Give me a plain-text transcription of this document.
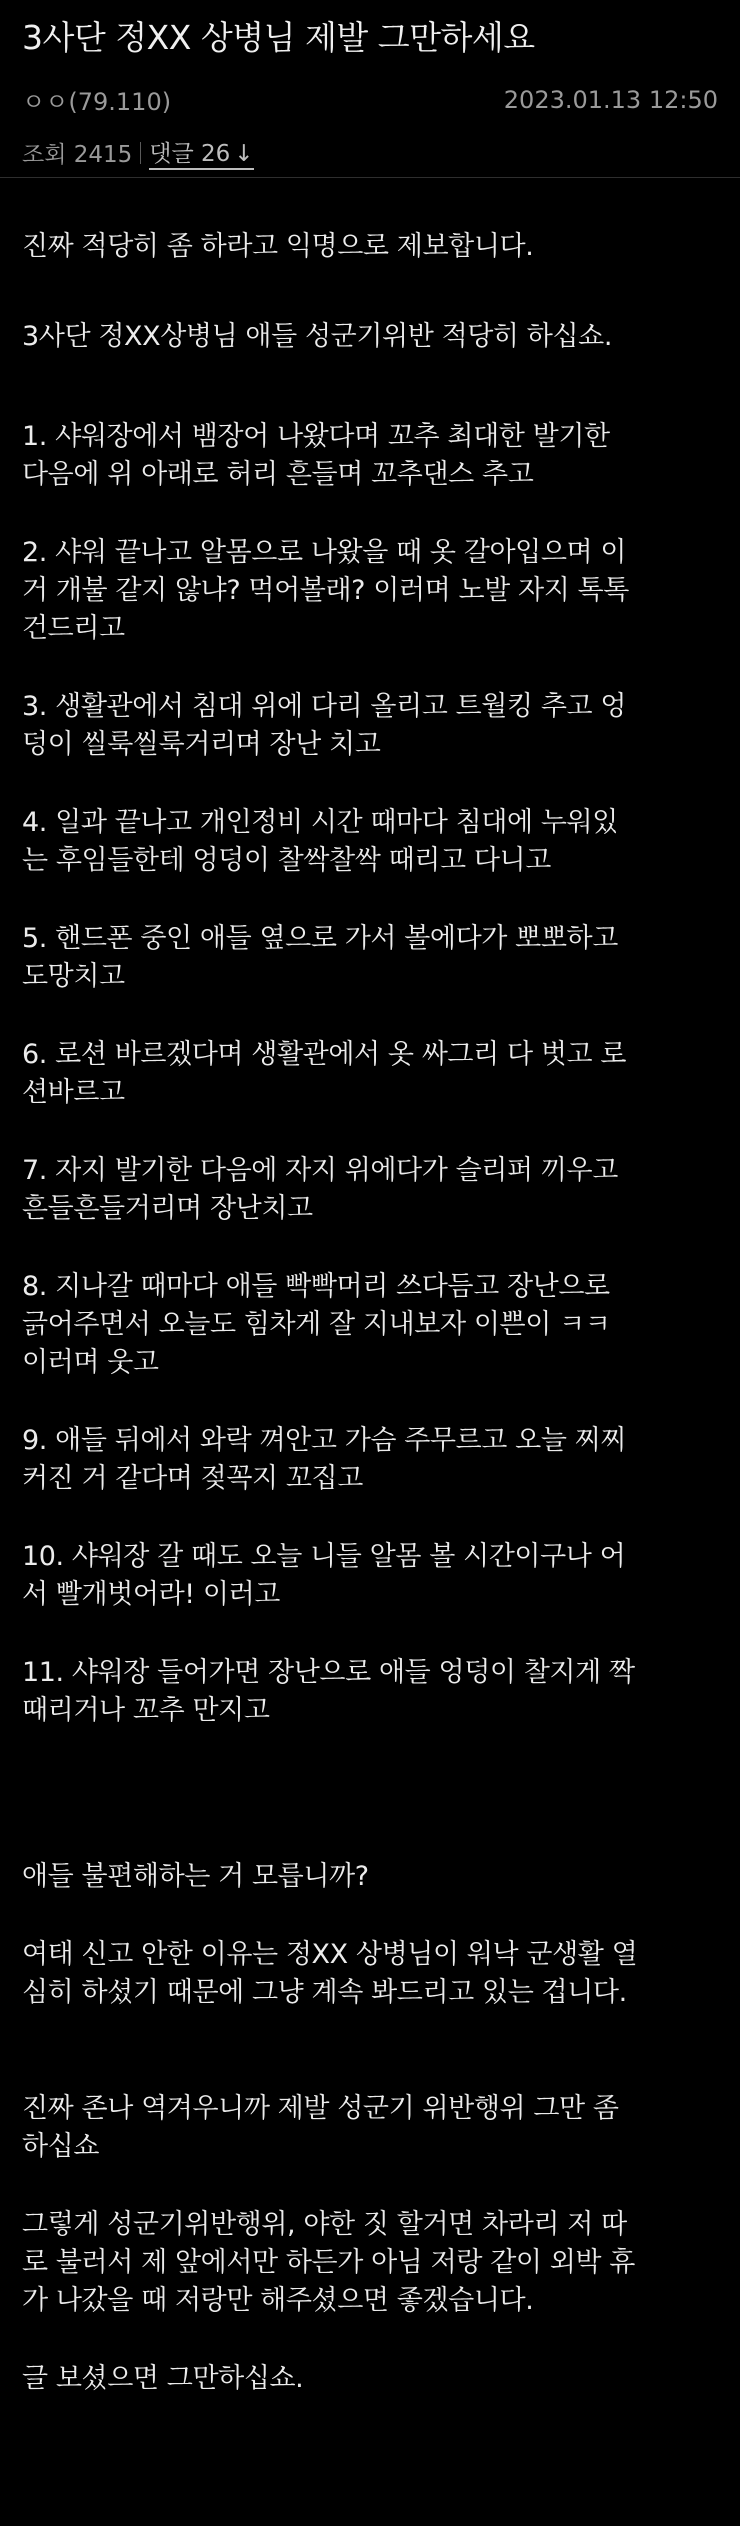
3사단 정XX 상병님 제발 그만하세요
ㅇㅇ(79.110)	2023.01.13 12:50
조회 2415 댓글 26 ↓

진짜 적당히 좀 하라고 익명으로 제보합니다.

3사단 정XX상병님 애들 성군기위반 적당히 하십쇼.

1. 샤워장에서 뱀장어 나왔다며 꼬추 최대한 발기한
다음에 위 아래로 허리 흔들며 꼬추댄스 추고

2. 샤워 끝나고 알몸으로 나왔을 때 옷 갈아입으며 이
거 개불 같지 않냐? 먹어볼래? 이러며 노발 자지 톡톡
건드리고

3. 생활관에서 침대 위에 다리 올리고 트월킹 추고 엉
덩이 씰룩씰룩거리며 장난 치고

4. 일과 끝나고 개인정비 시간 때마다 침대에 누워있
는 후임들한테 엉덩이 찰싹찰싹 때리고 다니고

5. 핸드폰 중인 애들 옆으로 가서 볼에다가 뽀뽀하고
도망치고

6. 로션 바르겠다며 생활관에서 옷 싸그리 다 벗고 로
션바르고

7. 자지 발기한 다음에 자지 위에다가 슬리퍼 끼우고
흔들흔들거리며 장난치고

8. 지나갈 때마다 애들 빡빡머리 쓰다듬고 장난으로
긁어주면서 오늘도 힘차게 잘 지내보자 이쁜이 ㅋㅋ
이러며 웃고

9. 애들 뒤에서 와락 껴안고 가슴 주무르고 오늘 찌찌
커진 거 같다며 젖꼭지 꼬집고

10. 샤워장 갈 때도 오늘 니들 알몸 볼 시간이구나 어
서 빨개벗어라! 이러고

11. 샤워장 들어가면 장난으로 애들 엉덩이 찰지게 짝
때리거나 꼬추 만지고

애들 불편해하는 거 모릅니까?

여태 신고 안한 이유는 정XX 상병님이 워낙 군생활 열
심히 하셨기 때문에 그냥 계속 봐드리고 있는 겁니다.

진짜 존나 역겨우니까 제발 성군기 위반행위 그만 좀
하십쇼

그렇게 성군기위반행위, 야한 짓 할거면 차라리 저 따
로 불러서 제 앞에서만 하든가 아님 저랑 같이 외박 휴
가 나갔을 때 저랑만 해주셨으면 좋겠습니다.

글 보셨으면 그만하십쇼.
